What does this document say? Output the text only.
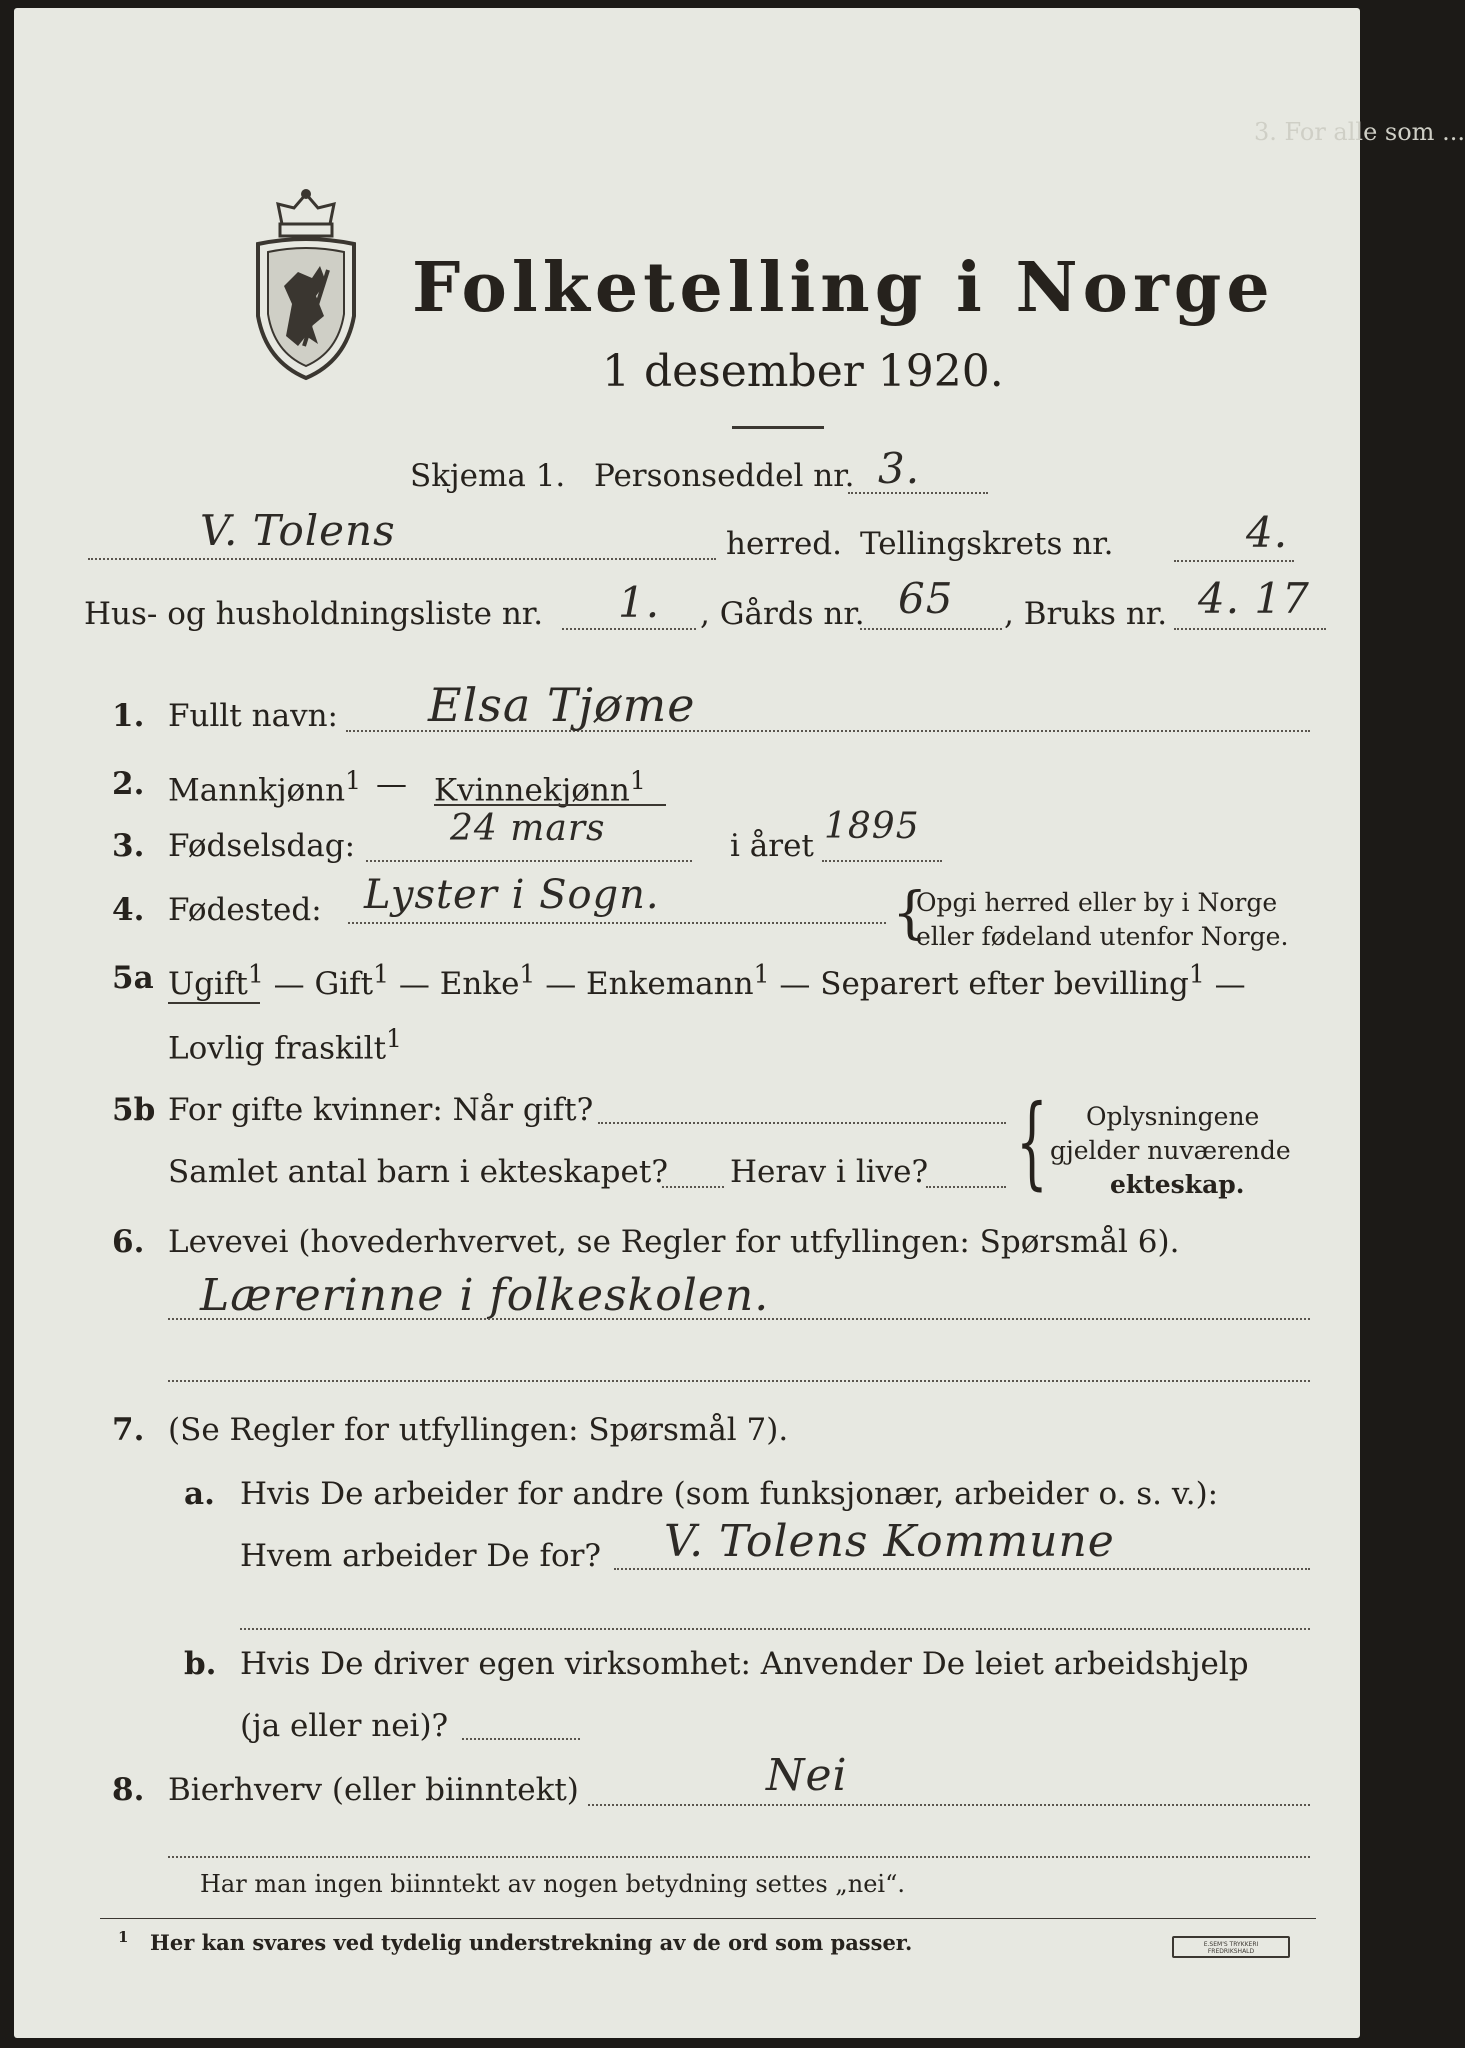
3. For alle som ...
Folketelling i Norge
1 desember 1920.
Skjema 1. Personseddel nr. 3.
V. Tolens	herred. Tellingskrets nr.	4.
Hus- og husholdningsliste nr. 1. , Gårds nr. 65 , Bruks nr. 4. 17
1. Fullt navn: Elsa Tjøme
2. Mannkjønn$^1$ — Kvinnekjønn$^1$
3. Fødselsdag:	24 mars	i året 1895
4. Fødested: Lyster i Sogn.	{
Opgi herred eller by i Norge
eller fødeland utenfor Norge.
5a Ugift$^1$ — Gift$^1$ — Enke$^1$ — Enkemann$^1$ — Separert efter bevilling$^1$ —
Lovlig fraskilt$^1$
5b For gifte kvinner: Når gift?
Samlet antal barn i ekteskapet? Herav i live? { Oplysningene
gjelder nuværende
ekteskap.
6. Levevei (hovederhvervet, se Regler for utfyllingen: Spørsmål 6).
Lærerinne i folkeskolen.
7. (Se Regler for utfyllingen: Spørsmål 7).
a. Hvis De arbeider for andre (som funksjonær, arbeider o. s. v.):
Hvem arbeider De for? V. Tolens Kommune
b. Hvis De driver egen virksomhet: Anvender De leiet arbeidshjelp
(ja eller nei)?
8. Bierhverv (eller biinntekt)	Nei
Har man ingen biinntekt av nogen betydning settes „nei“.
1 Her kan svares ved tydelig understrekning av de ord som passer.	E.SEM'S TRYKKERI
FREDRIKSHALD
